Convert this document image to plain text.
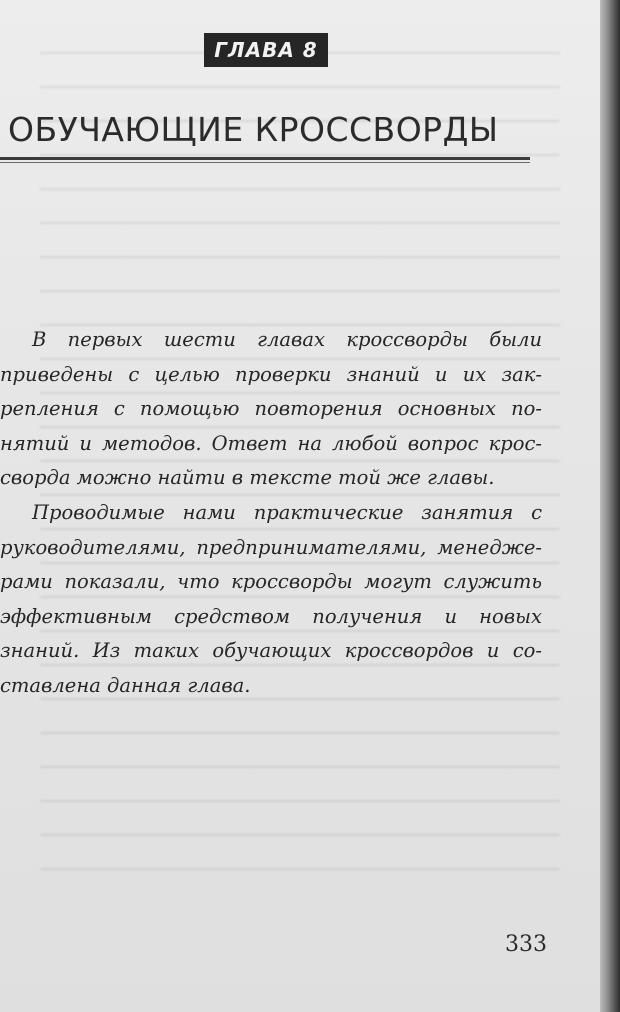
ГЛАВА 8
ОБУЧАЮЩИЕ КРОССВОРДЫ

В первых шести главах кроссворды были
приведены с целью проверки знаний и их зак-
репления с помощью повторения основных по-
нятий и методов. Ответ на любой вопрос крос-
сворда можно найти в тексте той же главы.

Проводимые нами практические занятия с
руководителями, предпринимателями, менедже-
рами показали, что кроссворды могут служить
эффективным средством получения и новых
знаний. Из таких обучающих кроссвордов и со-
ставлена данная глава.

333
